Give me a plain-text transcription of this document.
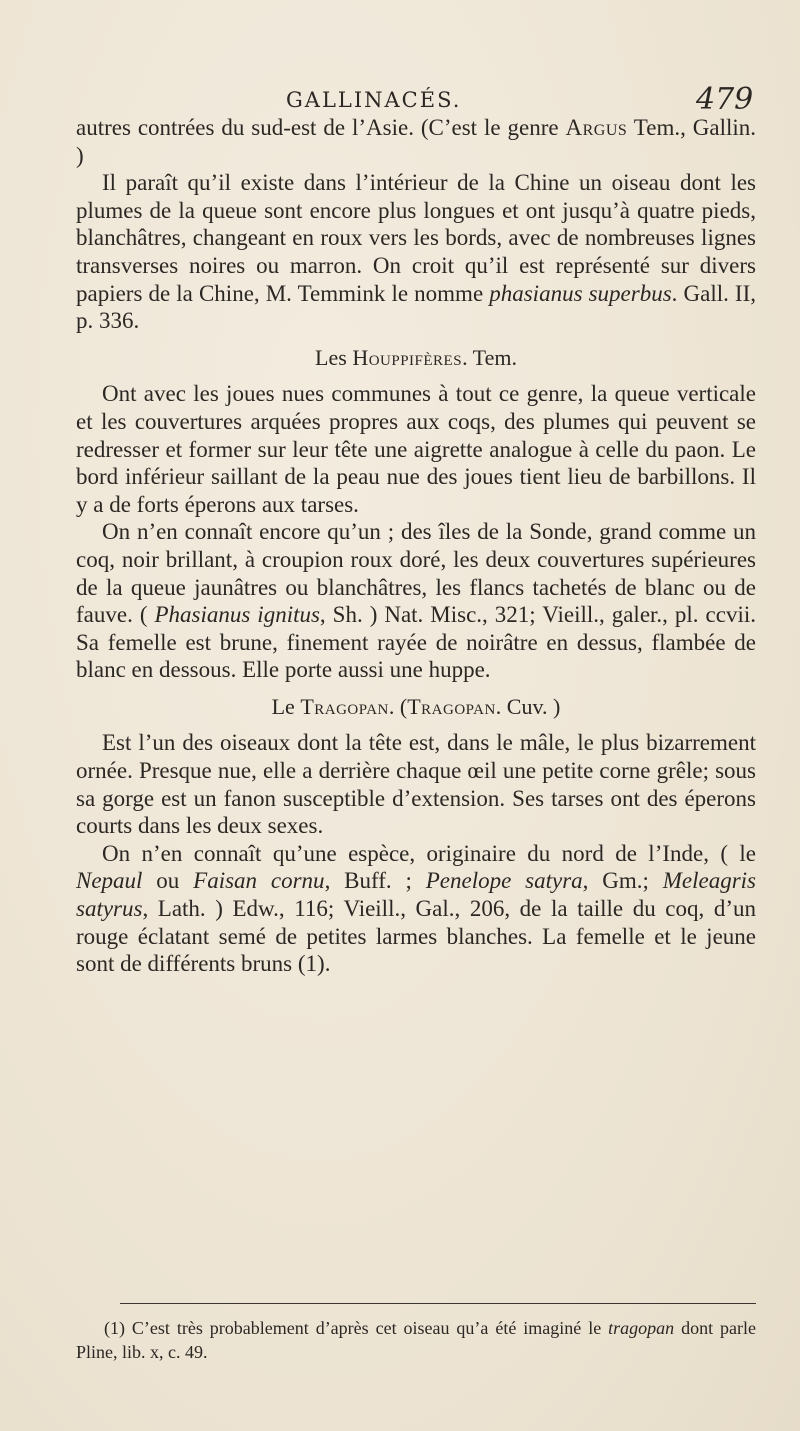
GALLINACÉS.	479

autres contrées du sud-est de l’Asie. (C’est le genre Argus Tem., Gallin. )

Il paraît qu’il existe dans l’intérieur de la Chine un oiseau dont les plumes de la queue sont encore plus longues et ont jusqu’à quatre pieds, blanchâtres, changeant en roux vers les bords, avec de nombreuses lignes transverses noires ou marron. On croit qu’il est représenté sur divers papiers de la Chine, M. Temmink le nomme phasianus superbus. Gall. II, p. 336.

Les Houppifères. Tem.

Ont avec les joues nues communes à tout ce genre, la queue verticale et les couvertures arquées propres aux coqs, des plumes qui peuvent se redresser et former sur leur tête une aigrette analogue à celle du paon. Le bord inférieur saillant de la peau nue des joues tient lieu de barbillons. Il y a de forts éperons aux tarses.

On n’en connaît encore qu’un ; des îles de la Sonde, grand comme un coq, noir brillant, à croupion roux doré, les deux couvertures supérieures de la queue jaunâtres ou blanchâtres, les flancs tachetés de blanc ou de fauve. ( Phasianus ignitus, Sh. ) Nat. Misc., 321; Vieill., galer., pl. ccvii. Sa femelle est brune, finement rayée de noirâtre en dessus, flambée de blanc en dessous. Elle porte aussi une huppe.

Le Tragopan. (Tragopan. Cuv. )

Est l’un des oiseaux dont la tête est, dans le mâle, le plus bizarrement ornée. Presque nue, elle a derrière chaque œil une petite corne grêle; sous sa gorge est un fanon susceptible d’extension. Ses tarses ont des éperons courts dans les deux sexes.

On n’en connaît qu’une espèce, originaire du nord de l’Inde, ( le Nepaul ou Faisan cornu, Buff. ; Penelope satyra, Gm.; Meleagris satyrus, Lath. ) Edw., 116; Vieill., Gal., 206, de la taille du coq, d’un rouge éclatant semé de petites larmes blanches. La femelle et le jeune sont de différents bruns (1).

(1) C’est très probablement d’après cet oiseau qu’a été imaginé le tragopan dont parle Pline, lib. x, c. 49.
